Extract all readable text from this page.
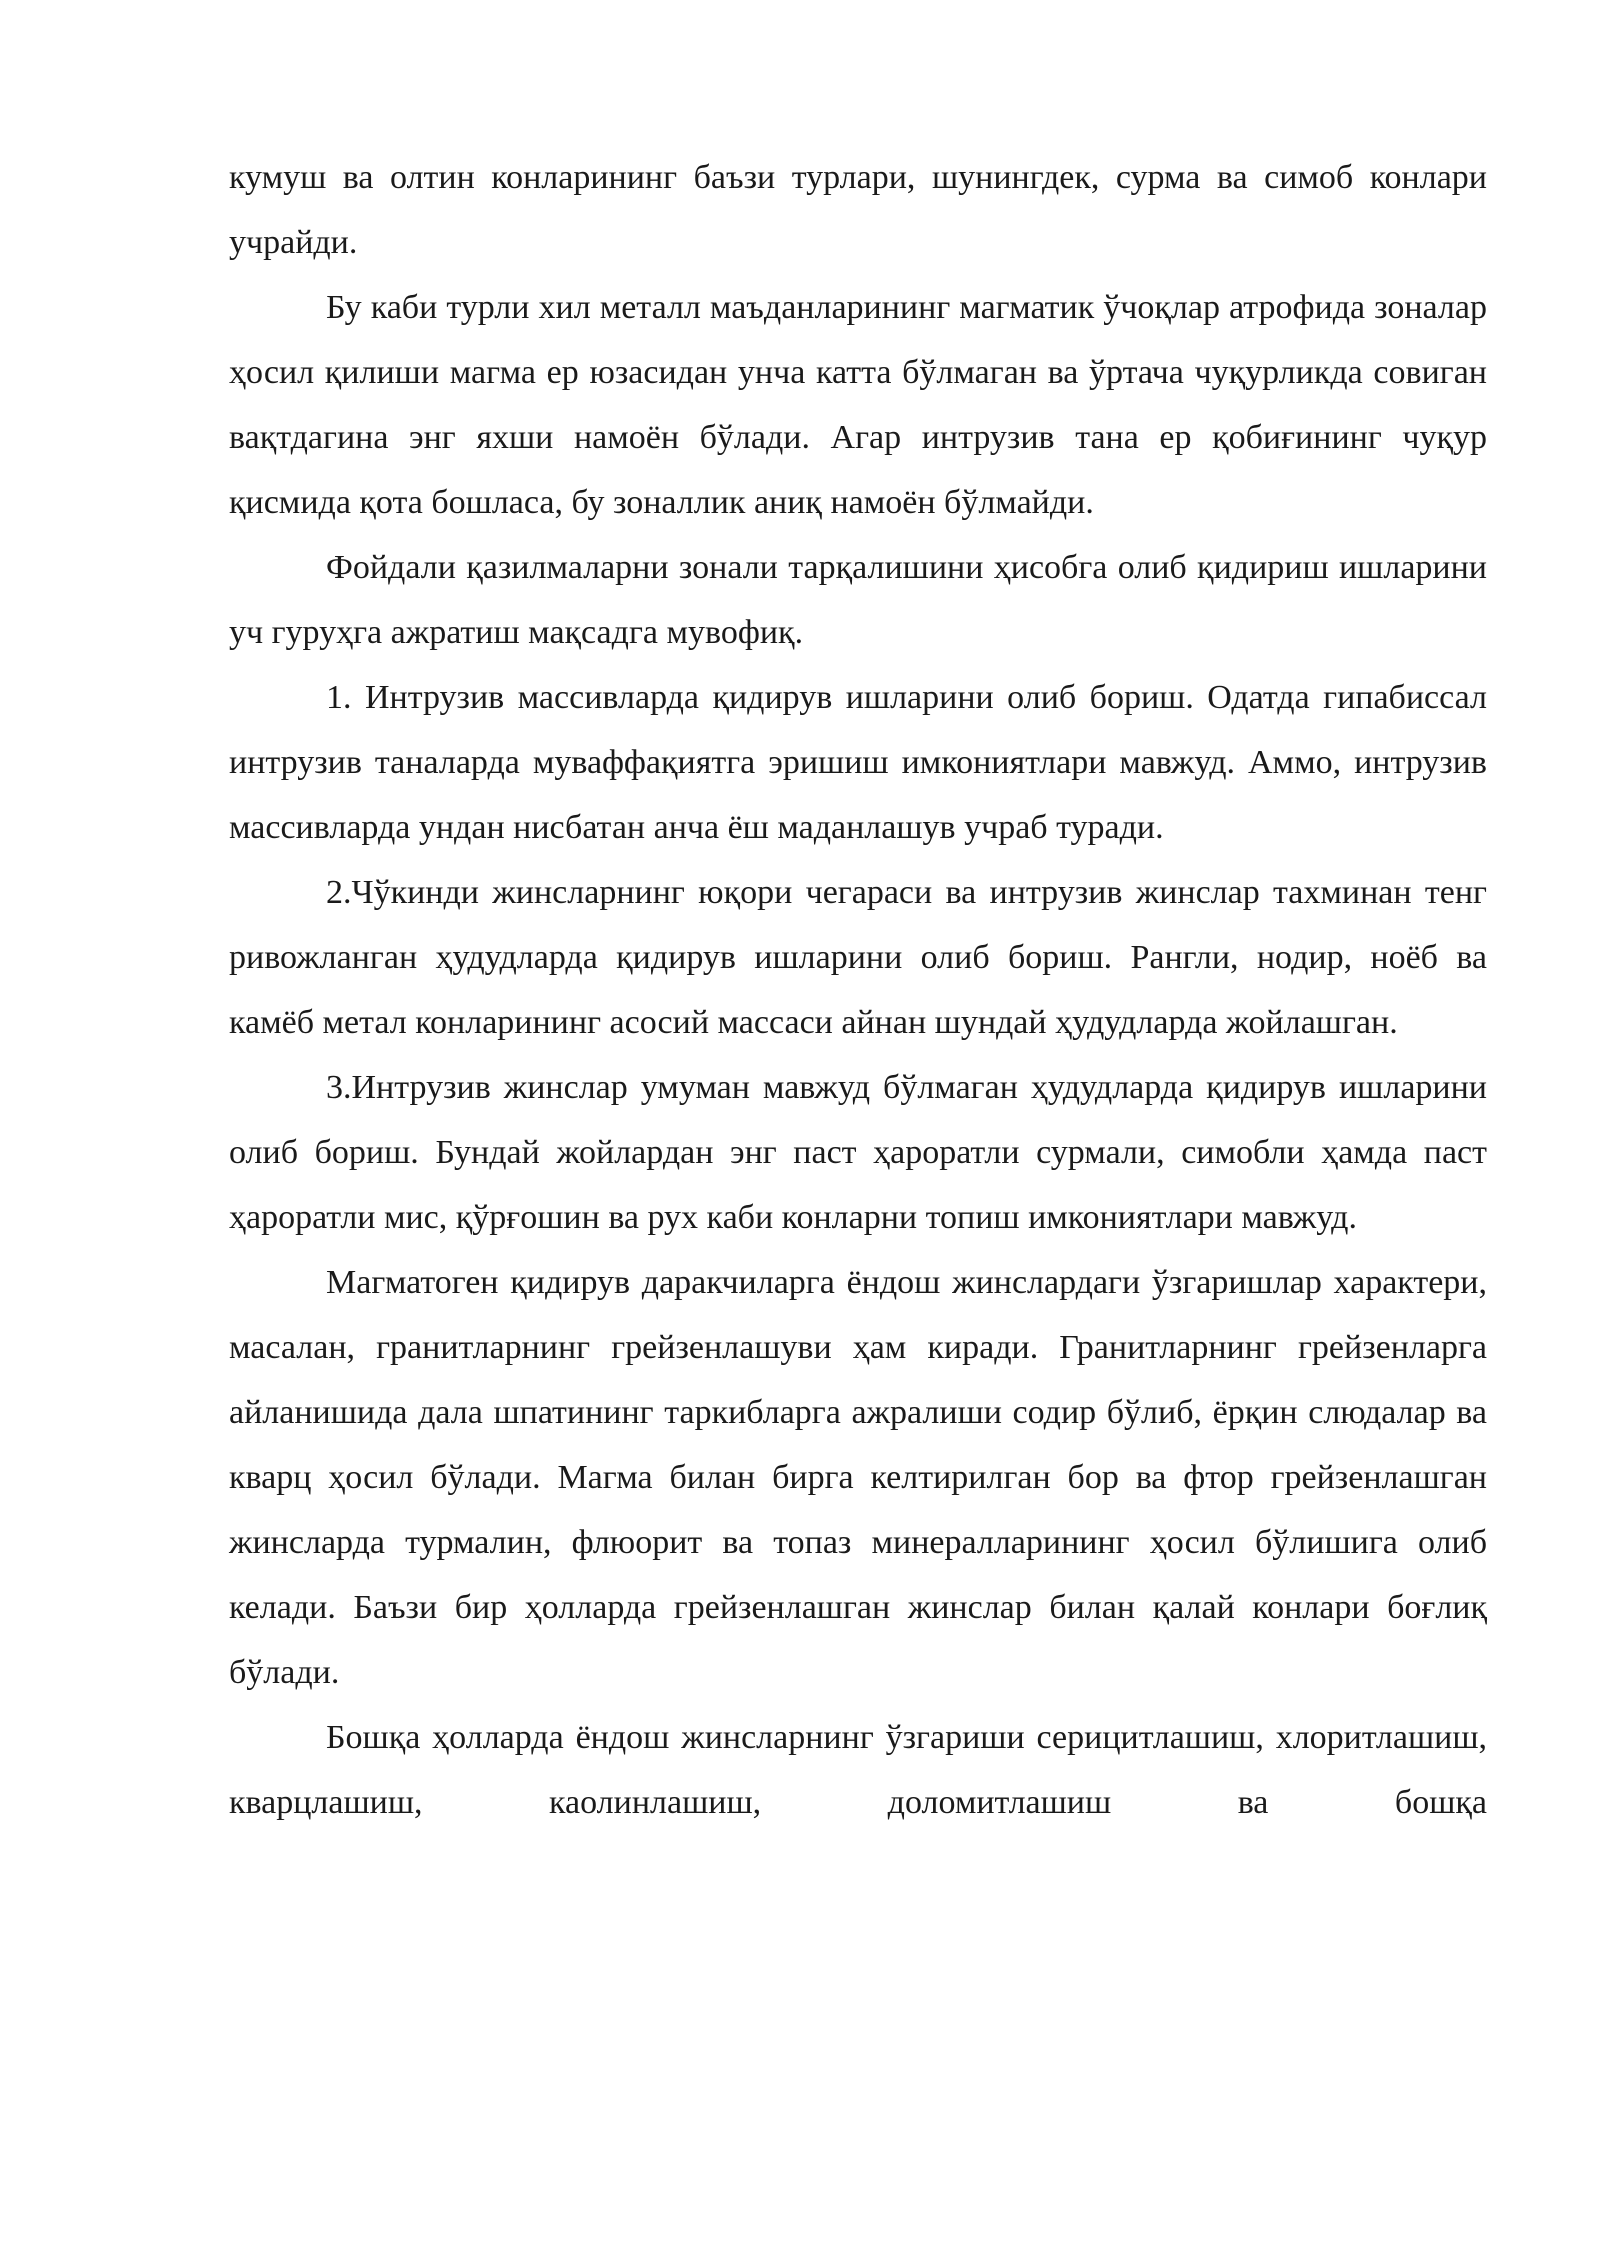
кумуш ва олтин конларининг баъзи турлари, шунингдек, сурма ва симоб конлари учрайди.

Бу каби турли хил металл маъданларининг магматик ўчоқлар атрофида зоналар ҳосил қилиши магма ер юзасидан унча катта бўлмаган ва ўртача чуқурликда совиган вақтдагина энг яхши намоён бўлади. Агар интрузив тана ер қобиғининг чуқур қисмида қота бошласа, бу зоналлик аниқ намоён бўлмайди.

Фойдали қазилмаларни зонали тарқалишини ҳисобга олиб қидириш ишларини уч гуруҳга ажратиш мақсадга мувофиқ.

1. Интрузив массивларда қидирув ишларини олиб бориш. Одатда гипабиссал интрузив таналарда муваффақиятга эришиш имкониятлари мавжуд. Аммо, интрузив массивларда ундан нисбатан анча ёш маданлашув учраб туради.

2.Чўкинди жинсларнинг юқори чегараси ва интрузив жинслар тахминан тенг ривожланган ҳудудларда қидирув ишларини олиб бориш. Рангли, нодир, ноёб ва камёб метал конларининг асосий массаси айнан шундай ҳудудларда жойлашган.

3.Интрузив жинслар умуман мавжуд бўлмаган ҳудудларда қидирув ишларини олиб бориш. Бундай жойлардан энг паст ҳароратли сурмали, симобли ҳамда паст ҳароратли мис, қўрғошин ва рух каби конларни топиш имкониятлари мавжуд.

Магматоген қидирув даракчиларга ёндош жинслардаги ўзгаришлар характери, масалан, гранитларнинг грейзенлашуви ҳам киради. Гранитларнинг грейзенларга айланишида дала шпатининг таркибларга ажралиши содир бўлиб, ёрқин слюдалар ва кварц ҳосил бўлади. Магма билан бирга келтирилган бор ва фтор грейзенлашган жинсларда турмалин, флюорит ва топаз минералларининг ҳосил бўлишига олиб келади. Баъзи бир ҳолларда грейзенлашган жинслар билан қалай конлари боғлиқ бўлади.

Бошқа ҳолларда ёндош жинсларнинг ўзгариши серицитлашиш, хлоритлашиш, кварцлашиш, каолинлашиш, доломитлашиш ва бошқа
